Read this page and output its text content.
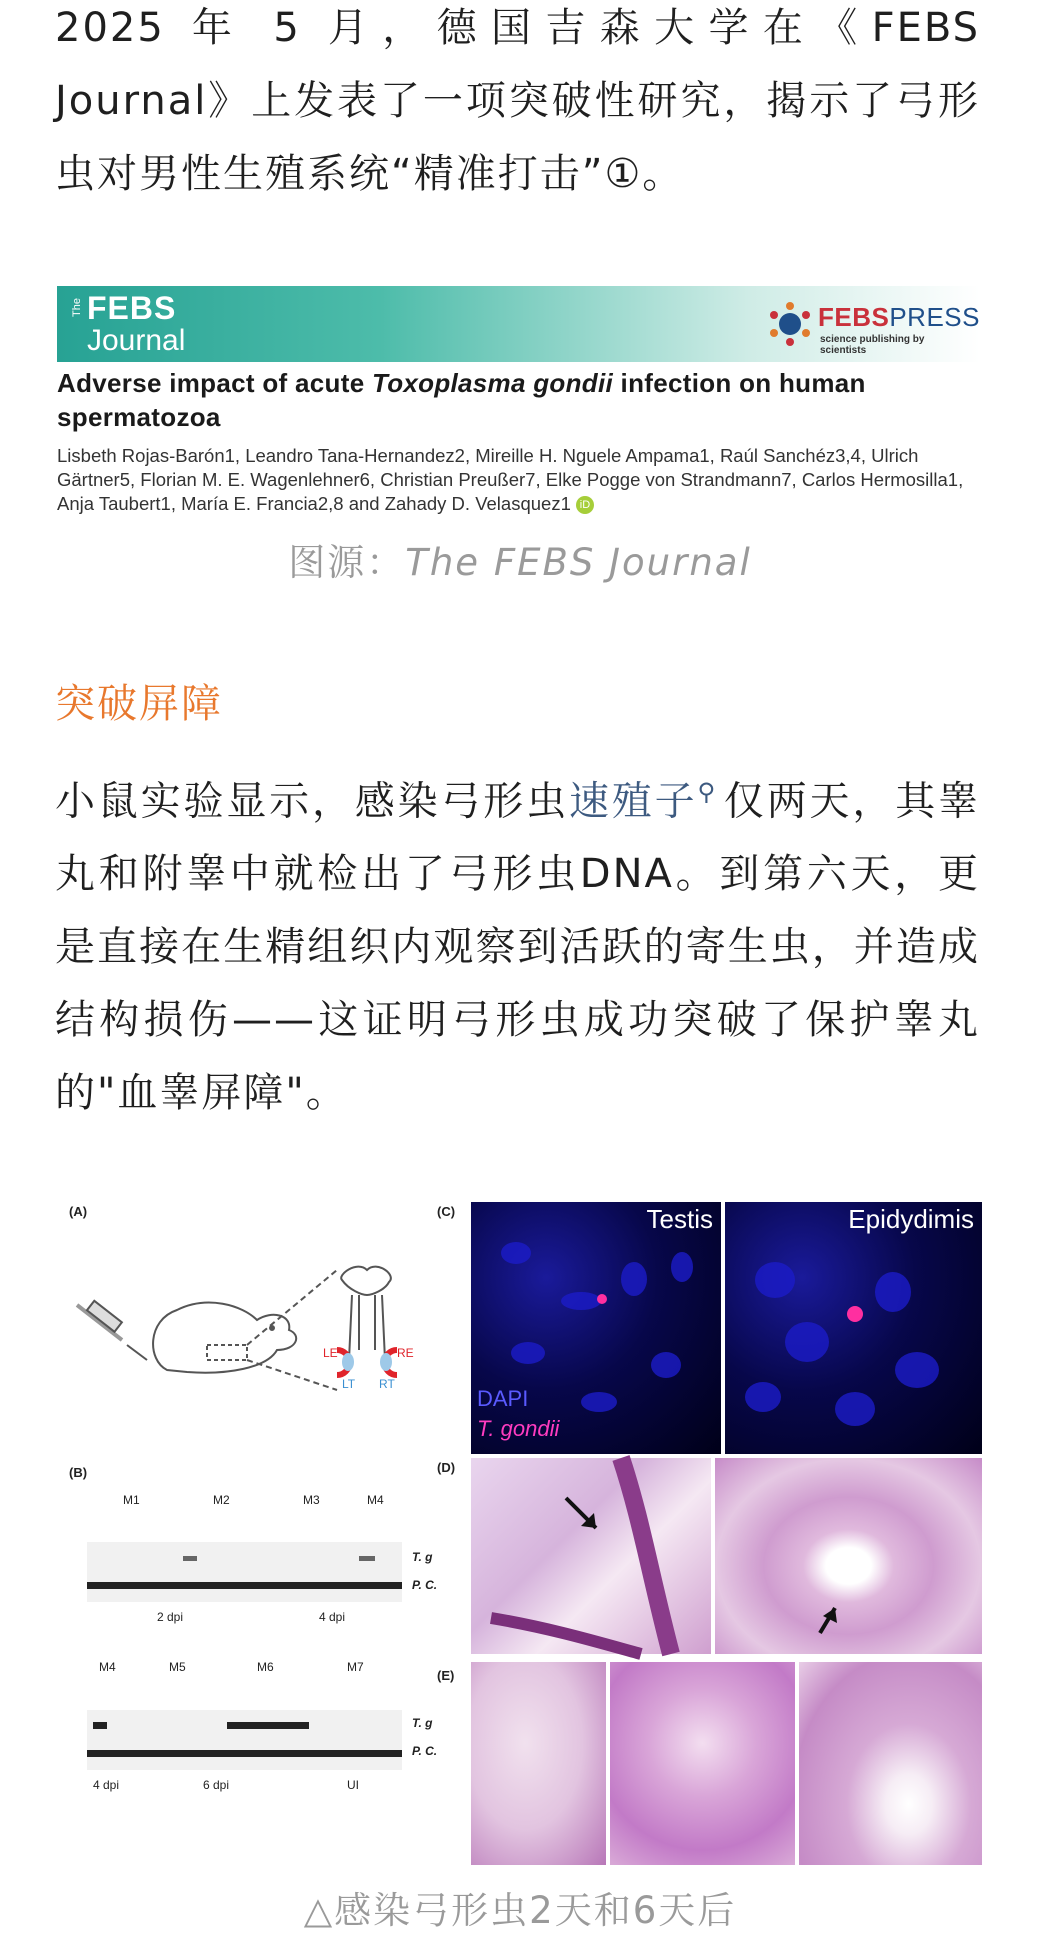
2025 年 5 月，德国吉森大学在《FEBS Journal》上发表了一项突破性研究，揭示了弓形虫对男性生殖系统“精准打击”①。

The FEBS
Journal
FEBSPRESS
science publishing by scientists
Adverse impact of acute Toxoplasma gondii infection on human spermatozoa
Lisbeth Rojas-Barón1, Leandro Tana-Hernandez2, Mireille H. Nguele Ampama1, Raúl Sanchéz3,4, Ulrich Gärtner5, Florian M. E. Wagenlehner6, Christian Preußer7, Elke Pogge von Strandmann7, Carlos Hermosilla1, Anja Taubert1, María E. Francia2,8 and Zahady D. Velasquez1 iD
图源：The FEBS Journal
突破屏障

小鼠实验显示，感染弓形虫速殖子⚲ 仅两天，其睾丸和附睾中就检出了弓形虫DNA。到第六天，更是直接在生精组织内观察到活跃的寄生虫，并造成结构损伤——这证明弓形虫成功突破了保护睾丸的"血睾屏障"。

(A)
LE	RE
LT RT
(C)	Testis
DAPI
T. gondii
Epidydimis
(B)
M1	M2	M3	M4
T. g
P. C.
2 dpi	4 dpi
M4	M5	M6	M7
T. g
P. C.
4 dpi	6 dpi	UI
(D)
(E)
△感染弓形虫2天和6天后
